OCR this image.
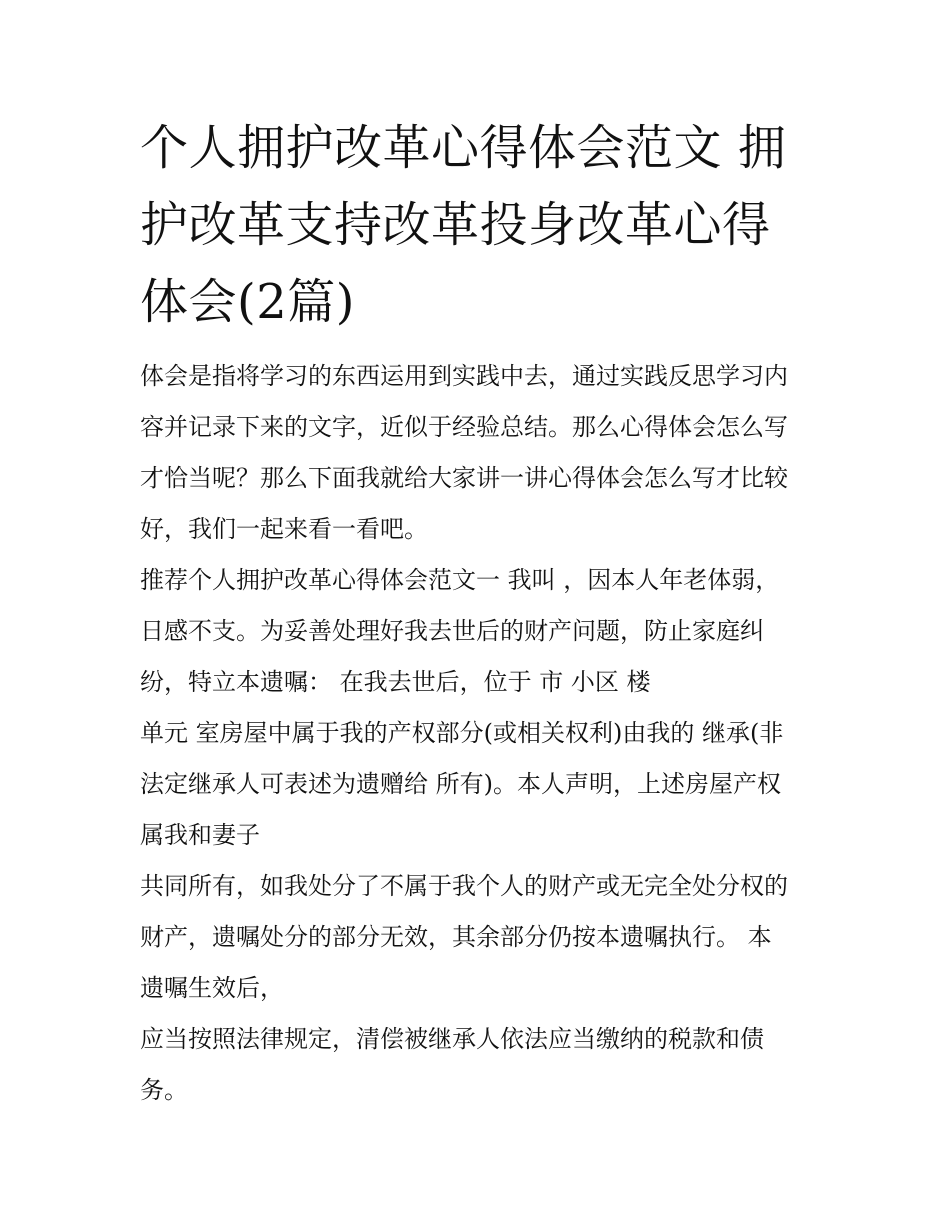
个人拥护改革心得体会范文 拥
护改革支持改革投身改革心得
体会(2篇)

体会是指将学习的东西运用到实践中去，通过实践反思学习内
容并记录下来的文字，近似于经验总结。那么心得体会怎么写
才恰当呢？那么下面我就给大家讲一讲心得体会怎么写才比较
好，我们一起来看一看吧。

推荐个人拥护改革心得体会范文一 我叫 ，因本人年老体弱，
日感不支。为妥善处理好我去世后的财产问题，防止家庭纠
纷，特立本遗嘱： 在我去世后，位于 市 小区 楼

单元 室房屋中属于我的产权部分(或相关权利)由我的 继承(非
法定继承人可表述为遗赠给 所有)。本人声明，上述房屋产权
属我和妻子

共同所有，如我处分了不属于我个人的财产或无完全处分权的
财产，遗嘱处分的部分无效，其余部分仍按本遗嘱执行。 本
遗嘱生效后，

应当按照法律规定，清偿被继承人依法应当缴纳的税款和债
务。
